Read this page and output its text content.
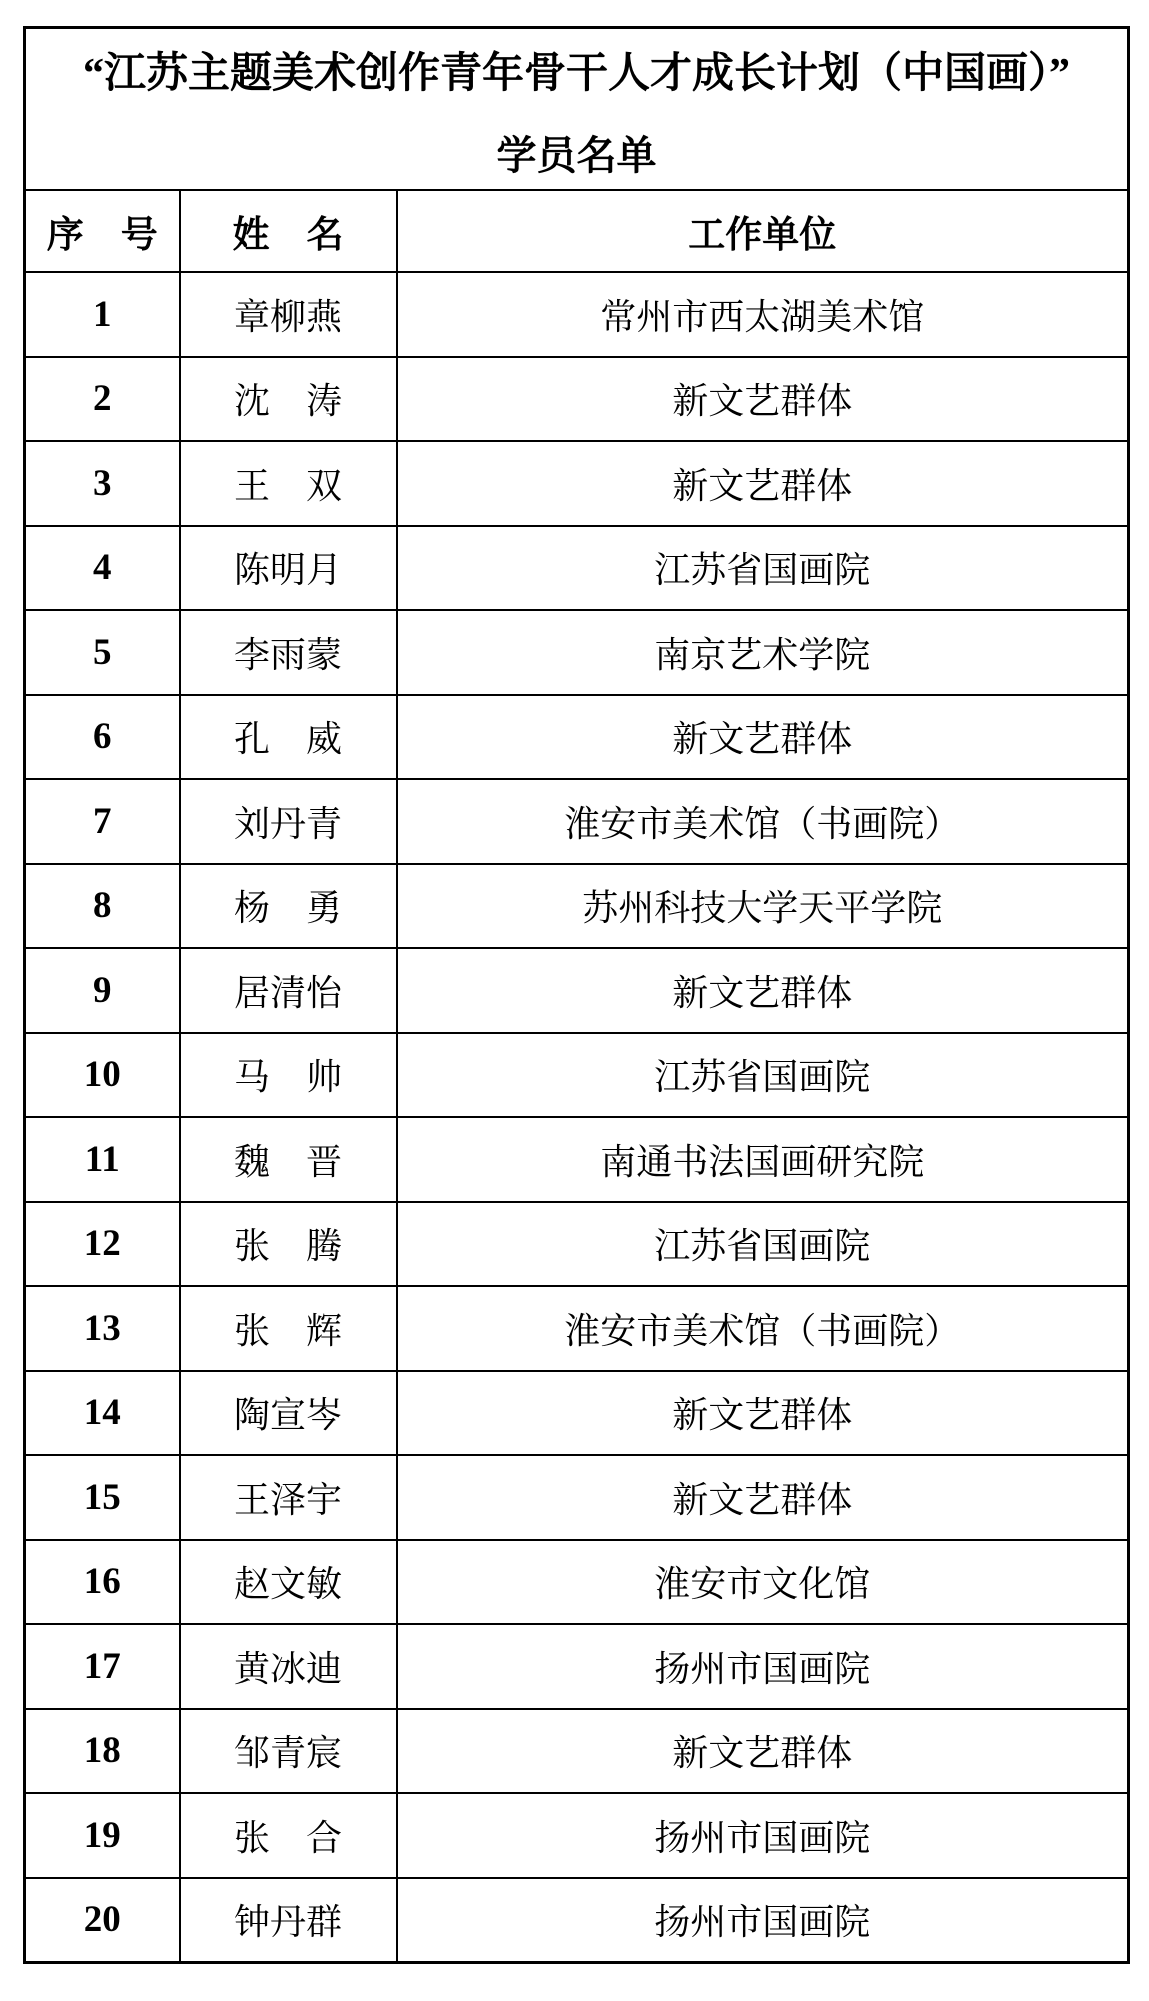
“江苏主题美术创作青年骨干人才成长计划（中国画）”
学员名单		

序　号	姓　名	工作单位
1	章柳燕	常州市西太湖美术馆
2	沈　涛	新文艺群体
3	王　双	新文艺群体
4	陈明月	江苏省国画院
5	李雨蒙	南京艺术学院
6	孔　威	新文艺群体
7	刘丹青	淮安市美术馆（书画院）
8	杨　勇	苏州科技大学天平学院
9	居清怡	新文艺群体
10	马　帅	江苏省国画院
11	魏　晋	南通书法国画研究院
12	张　腾	江苏省国画院
13	张　辉	淮安市美术馆（书画院）
14	陶宣岑	新文艺群体
15	王泽宇	新文艺群体
16	赵文敏	淮安市文化馆
17	黄冰迪	扬州市国画院
18	邹青宸	新文艺群体
19	张　合	扬州市国画院
20	钟丹群	扬州市国画院
